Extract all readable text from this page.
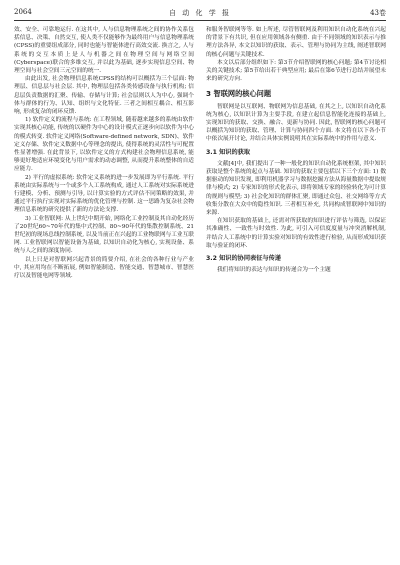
2064	自 动 化 学 报	43卷

效、安全、可靠地运行. 在这其中, 人与信息物理系统之间的协作关系包括信息、决策、自然交互, 使人类不仅能够作为最终用户与信息物理系统(CPSS)的重要组成部分, 同时也能与智能体进行高效交流. 换言之, 人与系统的交互本质上是人与机器之间在物理空间与网络空间(Cyberspace)联合的多维交互, 并以此为基础, 逐步实现信息空间、物理空间与社会空间三元空间的统一.

由此出发, 社会物理信息系统CPSS的结构可以概括为三个层面: 物理层、信息层与社会层. 其中, 物理层包括各类传感设备与执行机构; 信息层负责数据的汇聚、传输、存储与计算; 社会层则以人为中心, 强调个体与群体的行为、认知、组织与文化特征. 三者之间相互耦合、相互影响, 形成复杂的闭环反馈.

1) 软件定义的流程与系统: 在工程领域, 随着越来越多的系统由软件实现其核心功能, 传统的以硬件为中心的设计模式正逐步向以软件为中心的模式转变. 软件定义网络(Software-defined network, SDN)、软件定义存储、软件定义数据中心等理念的提出, 使得系统的灵活性与可配置性显著增强. 在此背景下, 以软件定义的方式构建社会物理信息系统, 能够更好地适应环境变化与用户需求的动态调整, 从而提升系统整体的自适应能力.

2) 平行的虚拟系统: 软件定义系统的进一步发展即为平行系统. 平行系统由实际系统与一个或多个人工系统构成, 通过人工系统对实际系统进行建模、分析、预测与引导, 以计算实验的方式评估不同策略的效果, 并通过平行执行实现对实际系统的优化管理与控制. 这一思路为复杂社会物理信息系统的研究提供了新的方法论支撑.

3) 工业智联网: 从上世纪中期开始, 网络化工业控制及其自动化经历了20世纪60~70年代的集中式控制、80~90年代的集散控制系统、21世纪初的现场总线控制系统, 以及当前正在兴起的工业物联网与工业互联网. 工业智联网以智能设备为基础, 以知识自动化为核心, 实现设备、系统与人之间的深度协同.

以上只是对智联网兴起背景的简要介绍, 在社会的各种行业与产业中, 其应用均在不断拓展, 例如智能制造、智能交通、智慧城市、智慧医疗以及智能电网等领域.

和服务智联网等等. 如上所述, 尽管智联网及利用知识自动化系统在兴起的背景下有共识, 但在应用领域各有侧重. 由于不同领域的知识表示与推理方法各异, 本文以知识的获取、表示、管理与协同为主线, 阐述智联网的核心问题与关键技术.

本文以后部分组织如下: 第3节介绍智联网的核心问题; 第4节讨论相关的关键技术; 第5节给出若干典型应用; 最后在第6节进行总结并展望未来的研究方向.

3 智联网的核心问题

智联网是以互联网、物联网为信息基础, 在其之上, 以知识自动化系统为核心, 以知识计算为主要手段, 在建立起信息智能化连接的基础上, 实现知识的获取、交换、融合、更新与协同. 因此, 智联网的核心问题可以概括为知识的获取、管理、计算与协同四个方面. 本文将在以下各小节中依次展开讨论, 并结合具体实例说明其在实际系统中的作用与意义.

3.1 知识的获取

文献[4]中, 我们提出了一种一般化的知识自动化系统框架, 其中知识获取是整个系统的起点与基础. 知识的获取主要包括以下三个方面: 1) 数据驱动的知识发现, 即利用机器学习与数据挖掘方法从海量数据中提取规律与模式; 2) 专家知识的形式化表示, 即将领域专家的经验转化为可计算的规则与模型; 3) 社会化知识的群体汇聚, 即通过众包、社交网络等方式收集分散在大众中的隐性知识. 三者相互补充, 共同构成智联网中知识的来源.

在知识获取的基础上, 还需对所获取的知识进行评估与筛选, 以保证其准确性、一致性与时效性. 为此, 可引入可信度度量与冲突消解机制, 并结合人工系统中的计算实验对知识的有效性进行检验, 从而形成知识获取与验证的闭环.

3.2 知识的协同表征与传递

我们将知识的表达与知识的传递合为一个主题
